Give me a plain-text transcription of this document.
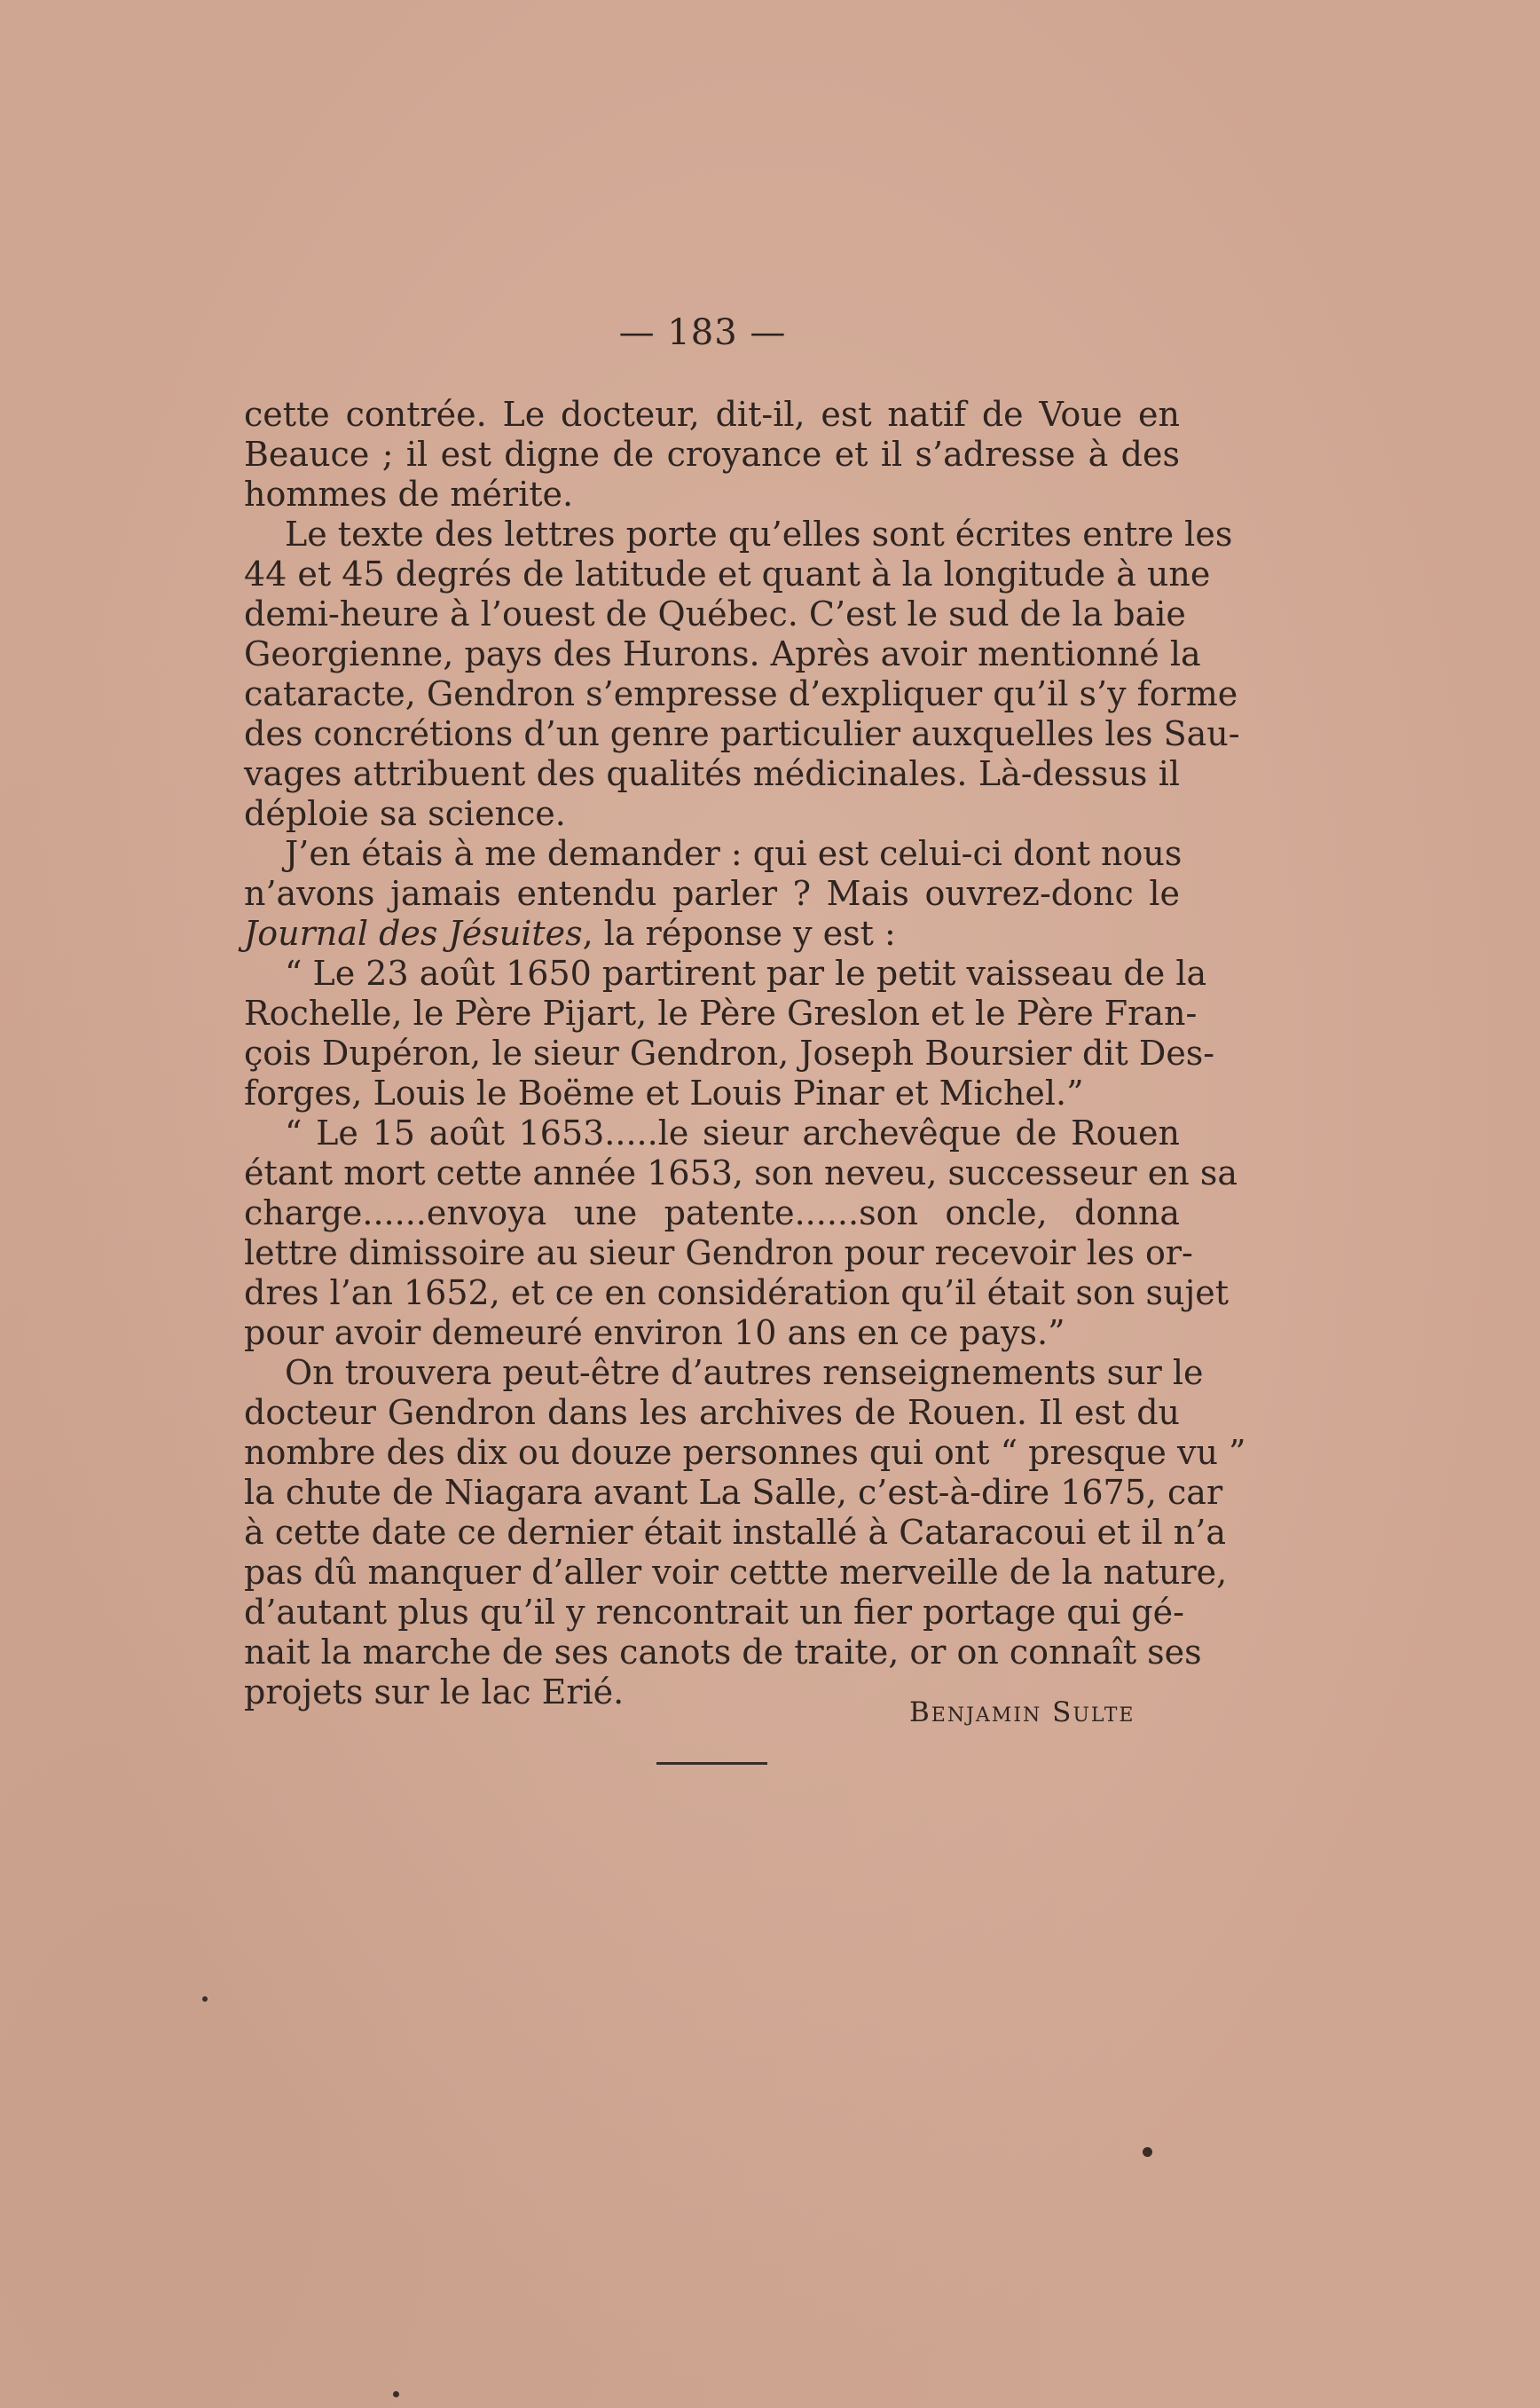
— 183 —
cette contrée. Le docteur, dit-il, est natif de Voue en
Beauce ; il est digne de croyance et il s’adresse à des
hommes de mérite.
Le texte des lettres porte qu’elles sont écrites entre les
44 et 45 degrés de latitude et quant à la longitude à une
demi-heure à l’ouest de Québec. C’est le sud de la baie
Georgienne, pays des Hurons. Après avoir mentionné la
cataracte, Gendron s’empresse d’expliquer qu’il s’y forme
des concrétions d’un genre particulier auxquelles les Sau-
vages attribuent des qualités médicinales. Là-dessus il
déploie sa science.
J’en étais à me demander : qui est celui-ci dont nous
n’avons jamais entendu parler ? Mais ouvrez-donc le
Journal des Jésuites, la réponse y est :
“ Le 23 août 1650 partirent par le petit vaisseau de la
Rochelle, le Père Pijart, le Père Greslon et le Père Fran-
çois Dupéron, le sieur Gendron, Joseph Boursier dit Des-
forges, Louis le Boëme et Louis Pinar et Michel.”
“ Le 15 août 1653.....le sieur archevêque de Rouen
étant mort cette année 1653, son neveu, successeur en sa
charge......envoya une patente......son oncle, donna
lettre dimissoire au sieur Gendron pour recevoir les or-
dres l’an 1652, et ce en considération qu’il était son sujet
pour avoir demeuré environ 10 ans en ce pays.”
On trouvera peut-être d’autres renseignements sur le
docteur Gendron dans les archives de Rouen. Il est du
nombre des dix ou douze personnes qui ont “ presque vu ”
la chute de Niagara avant La Salle, c’est-à-dire 1675, car
à cette date ce dernier était installé à Cataracoui et il n’a
pas dû manquer d’aller voir cettte merveille de la nature,
d’autant plus qu’il y rencontrait un fier portage qui gé-
nait la marche de ses canots de traite, or on connaît ses
projets sur le lac Erié.
Benjamin Sulte
